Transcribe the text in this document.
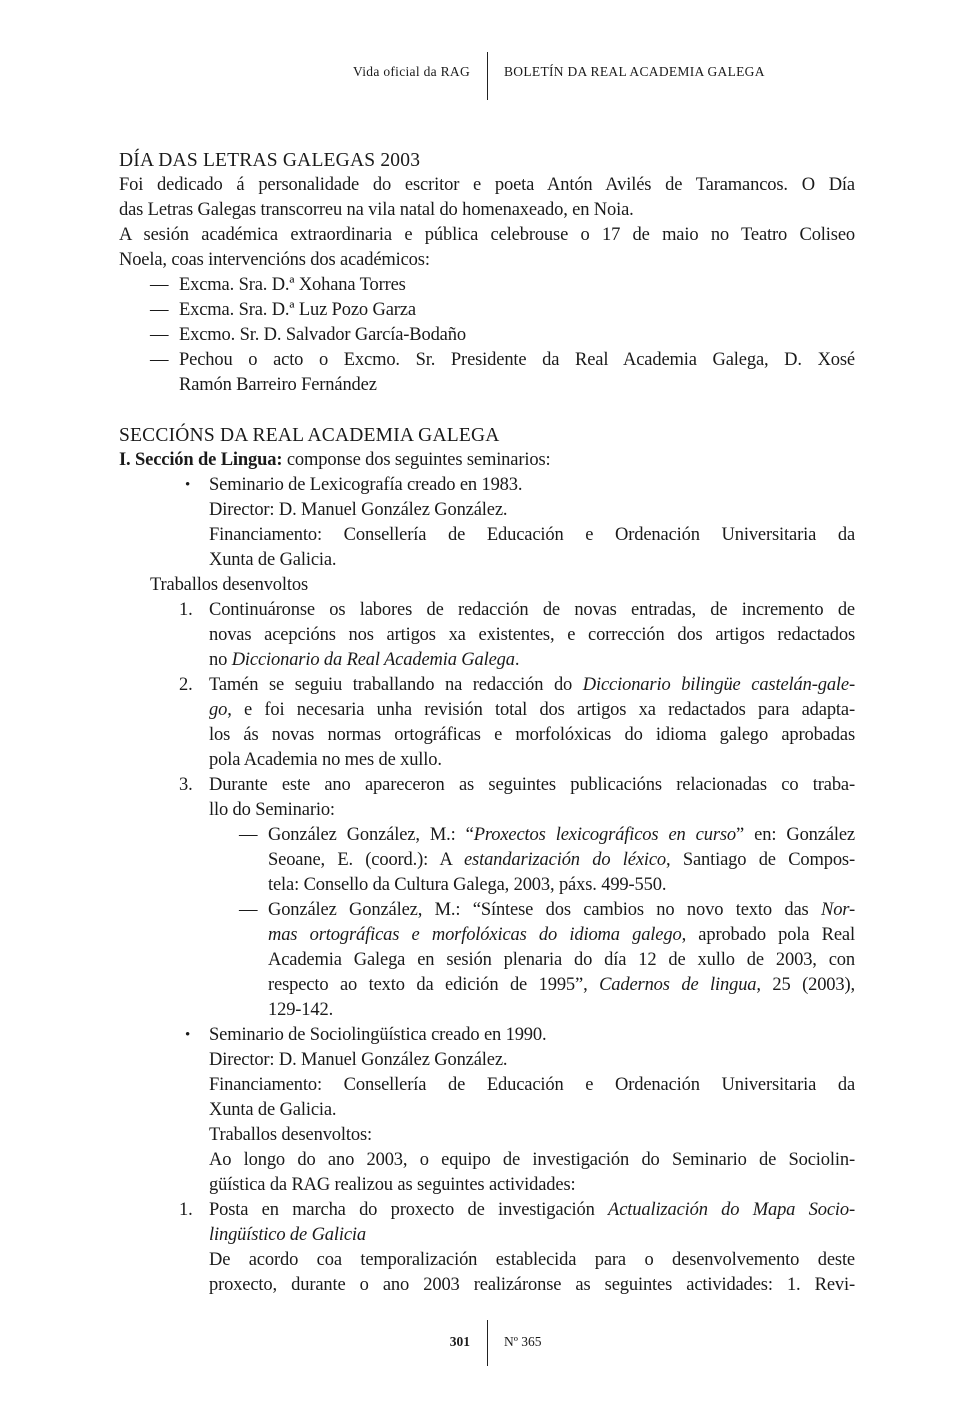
Vida oficial da RAG	BOLETÍN DA REAL ACADEMIA GALEGA
DÍA DAS LETRAS GALEGAS 2003
Foi dedicado á personalidade do escritor e poeta Antón Avilés de Taramancos. O Día
das Letras Galegas transcorreu na vila natal do homenaxeado, en Noia.
A sesión académica extraordinaria e pública celebrouse o 17 de maio no Teatro Coliseo
Noela, coas intervencións dos académicos:
— Excma. Sra. D.ª Xohana Torres
— Excma. Sra. D.ª Luz Pozo Garza
— Excmo. Sr. D. Salvador García-Bodaño
— Pechou o acto o Excmo. Sr. Presidente da Real Academia Galega, D. Xosé
Ramón Barreiro Fernández
SECCIÓNS DA REAL ACADEMIA GALEGA
I. Sección de Lingua: componse dos seguintes seminarios:
• Seminario de Lexicografía creado en 1983.
Director: D. Manuel González González.
Financiamento: Consellería de Educación e Ordenación Universitaria da
Xunta de Galicia.
Traballos desenvoltos
1. Continuáronse os labores de redacción de novas entradas, de incremento de
novas acepcións nos artigos xa existentes, e corrección dos artigos redactados
no Diccionario da Real Academia Galega.
2. Tamén se seguiu traballando na redacción do Diccionario bilingüe castelán-gale-
go, e foi necesaria unha revisión total dos artigos xa redactados para adapta-
los ás novas normas ortográficas e morfolóxicas do idioma galego aprobadas
pola Academia no mes de xullo.
3. Durante este ano apareceron as seguintes publicacións relacionadas co traba-
llo do Seminario:
— González González, M.: “Proxectos lexicográficos en curso” en: González
Seoane, E. (coord.): A estandarización do léxico, Santiago de Compos-
tela: Consello da Cultura Galega, 2003, páxs. 499-550.
— González González, M.: “Síntese dos cambios no novo texto das Nor-
mas ortográficas e morfolóxicas do idioma galego, aprobado pola Real
Academia Galega en sesión plenaria do día 12 de xullo de 2003, con
respecto ao texto da edición de 1995”, Cadernos de lingua, 25 (2003),
129-142.
• Seminario de Sociolingüística creado en 1990.
Director: D. Manuel González González.
Financiamento: Consellería de Educación e Ordenación Universitaria da
Xunta de Galicia.
Traballos desenvoltos:
Ao longo do ano 2003, o equipo de investigación do Seminario de Sociolin-
güística da RAG realizou as seguintes actividades:
1. Posta en marcha do proxecto de investigación Actualización do Mapa Socio-
lingüístico de Galicia
De acordo coa temporalización establecida para o desenvolvemento deste
proxecto, durante o ano 2003 realizáronse as seguintes actividades: 1. Revi-
301	Nº 365
